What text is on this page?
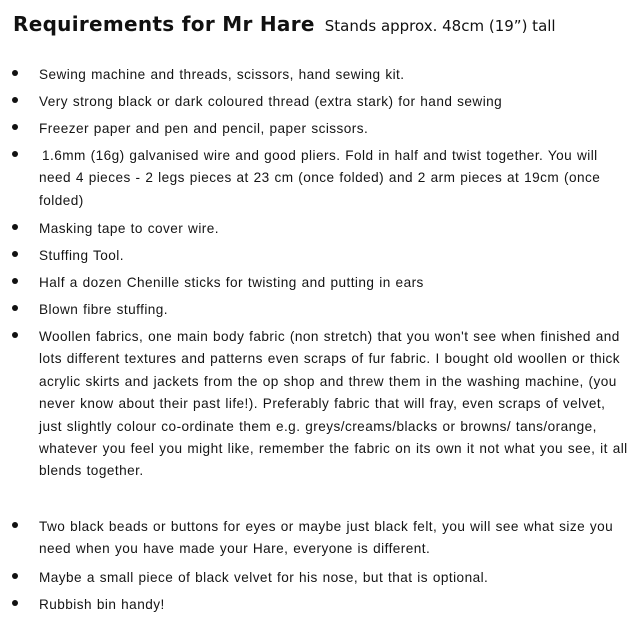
Requirements for Mr Hare Stands approx. 48cm (19”) tall
Sewing machine and threads, scissors, hand sewing kit.
Very strong black or dark coloured thread (extra stark) for hand sewing
Freezer paper and pen and pencil, paper scissors.
1.6mm (16g) galvanised wire and good pliers. Fold in half and twist together. You will need 4 pieces - 2 legs pieces at 23 cm (once folded) and 2 arm pieces at 19cm (once folded)
Masking tape to cover wire.
Stuffing Tool.
Half a dozen Chenille sticks for twisting and putting in ears
Blown fibre stuffing.
Woollen fabrics, one main body fabric (non stretch) that you won't see when finished and lots different textures and patterns even scraps of fur fabric. I bought old woollen or thick acrylic skirts and jackets from the op shop and threw them in the washing machine, (you never know about their past life!). Preferably fabric that will fray, even scraps of velvet, just slightly colour co-ordinate them e.g. greys/creams/blacks or browns/ tans/orange, whatever you feel you might like, remember the fabric on its own it not what you see, it all blends together.
Two black beads or buttons for eyes or maybe just black felt, you will see what size you need when you have made your Hare, everyone is different.
Maybe a small piece of black velvet for his nose, but that is optional.
Rubbish bin handy!
